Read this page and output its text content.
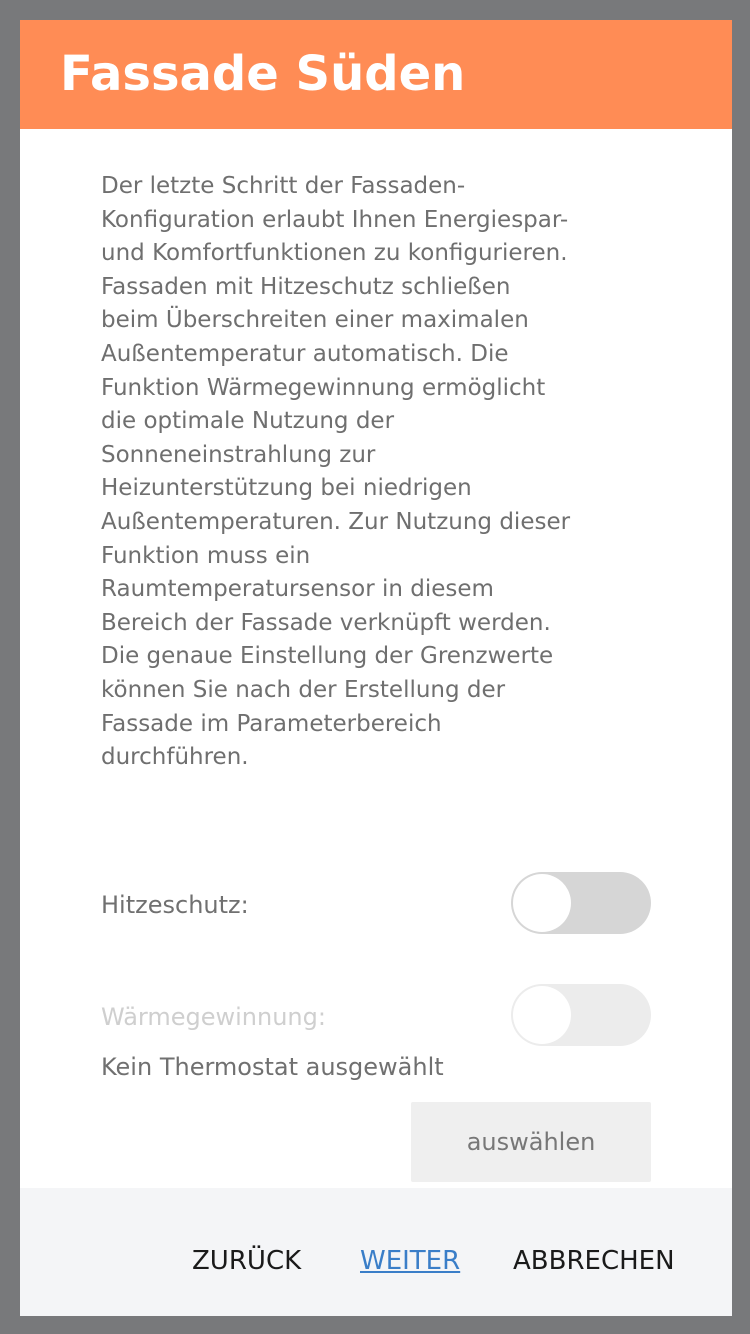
Fassade Süden

Der letzte Schritt der Fassaden-
Konfiguration erlaubt Ihnen Energiespar-
und Komfortfunktionen zu konfigurieren.
Fassaden mit Hitzeschutz schließen
beim Überschreiten einer maximalen
Außentemperatur automatisch. Die
Funktion Wärmegewinnung ermöglicht
die optimale Nutzung der
Sonneneinstrahlung zur
Heizunterstützung bei niedrigen
Außentemperaturen. Zur Nutzung dieser
Funktion muss ein
Raumtemperatursensor in diesem
Bereich der Fassade verknüpft werden.
Die genaue Einstellung der Grenzwerte
können Sie nach der Erstellung der
Fassade im Parameterbereich
durchführen.

Hitzeschutz:
Wärmegewinnung:
Kein Thermostat ausgewählt
auswählen
ZURÜCK WEITER ABBRECHEN
